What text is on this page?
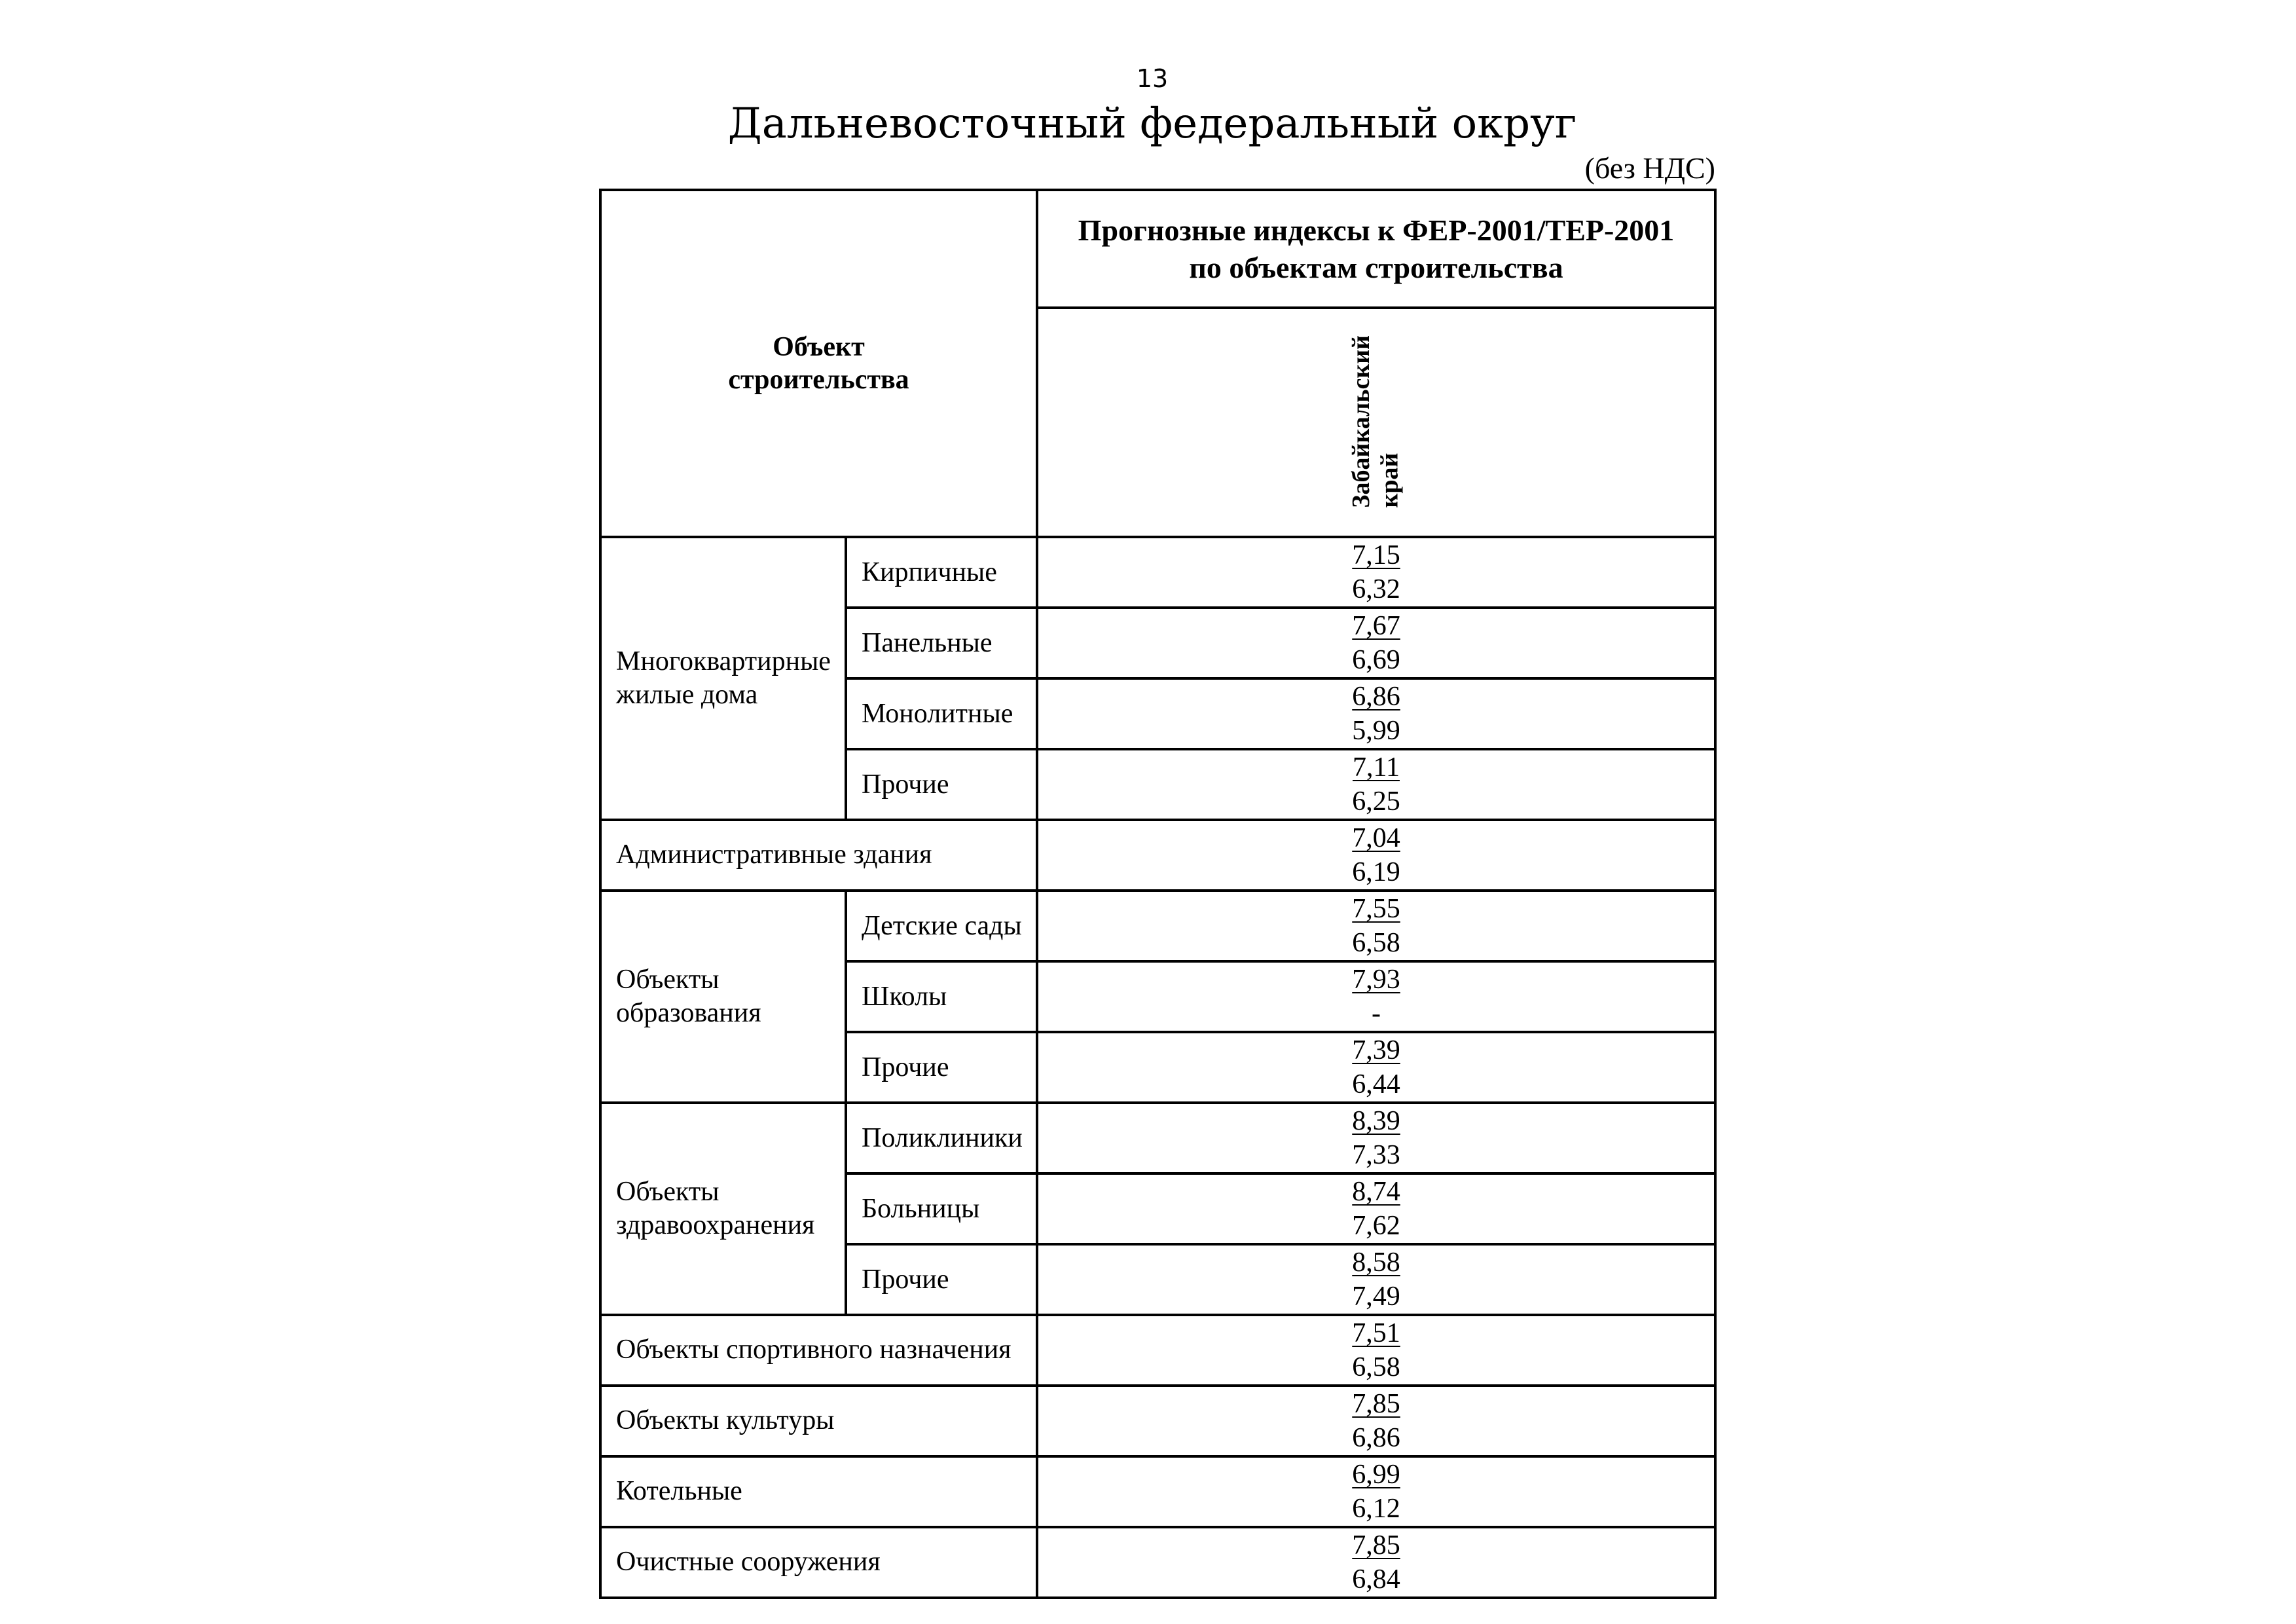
13
Дальневосточный федеральный округ
(без НДС)
Объект
строительства		Прогнозные индексы к ФЕР-2001/ТЕР-2001
по объектам строительства
		Забайкальский
край
Многоквартирные жилые дома	Кирпичные	7,15
6,32

	Панельные	7,67
6,69

	Монолитные	6,86
5,99

	Прочие	7,11
6,25

Административные здания		7,04
6,19

Объекты образования	Детские сады	7,55
6,58

	Школы	7,93
-

	Прочие	7,39
6,44

Объекты здравоохранения	Поликлиники	8,39
7,33

	Больницы	8,74
7,62

	Прочие	8,58
7,49

Объекты спортивного назначения		7,51
6,58

Объекты культуры		7,85
6,86

Котельные		6,99
6,12

Очистные сооружения		7,85
6,84
